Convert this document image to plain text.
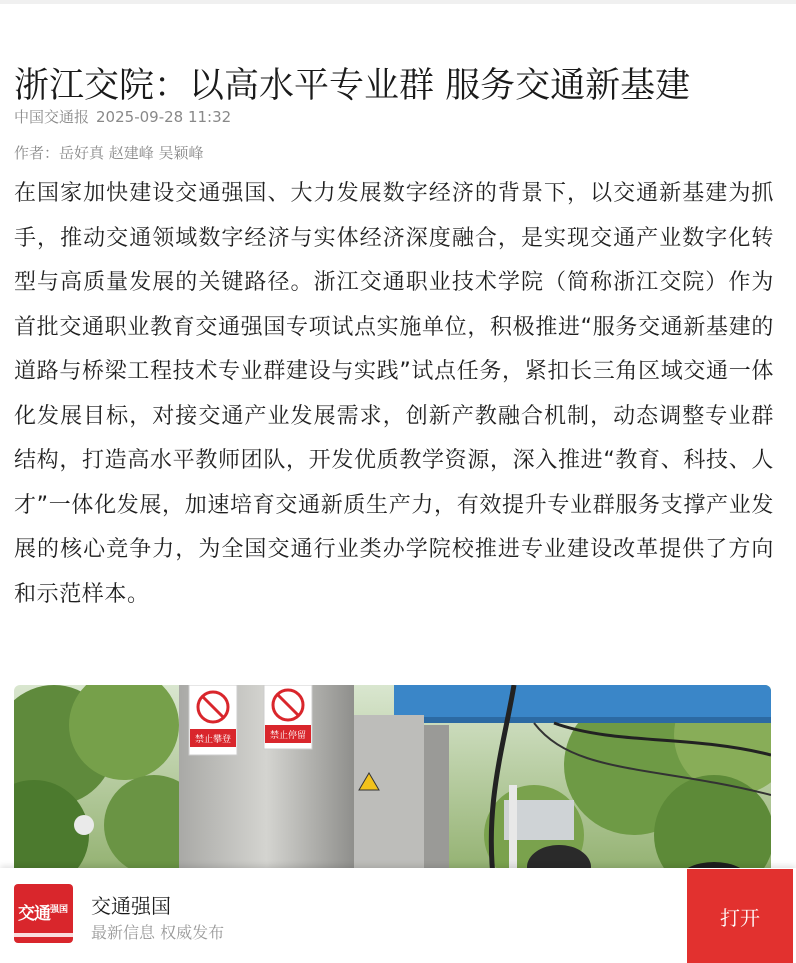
浙江交院：以高水平专业群 服务交通新基建
中国交通报 2025-09-28 11:32
作者：岳好真 赵建峰 吴颖峰

在国家加快建设交通强国、大力发展数字经济的背景下，以交通新基建为抓手，推动交通领域数字经济与实体经济深度融合，是实现交通产业数字化转型与高质量发展的关键路径。浙江交通职业技术学院（简称浙江交院）作为首批交通职业教育交通强国专项试点实施单位，积极推进“服务交通新基建的道路与桥梁工程技术专业群建设与实践”试点任务，紧扣长三角区域交通一体化发展目标，对接交通产业发展需求，创新产教融合机制，动态调整专业群结构，打造高水平教师团队，开发优质教学资源，深入推进“教育、科技、人才”一体化发展，加速培育交通新质生产力，有效提升专业群服务支撑产业发展的核心竞争力，为全国交通行业类办学院校推进专业建设改革提供了方向和示范样本。

禁止攀登	禁止停留
交通 强国 交通强国
最新信息 权威发布
打开
